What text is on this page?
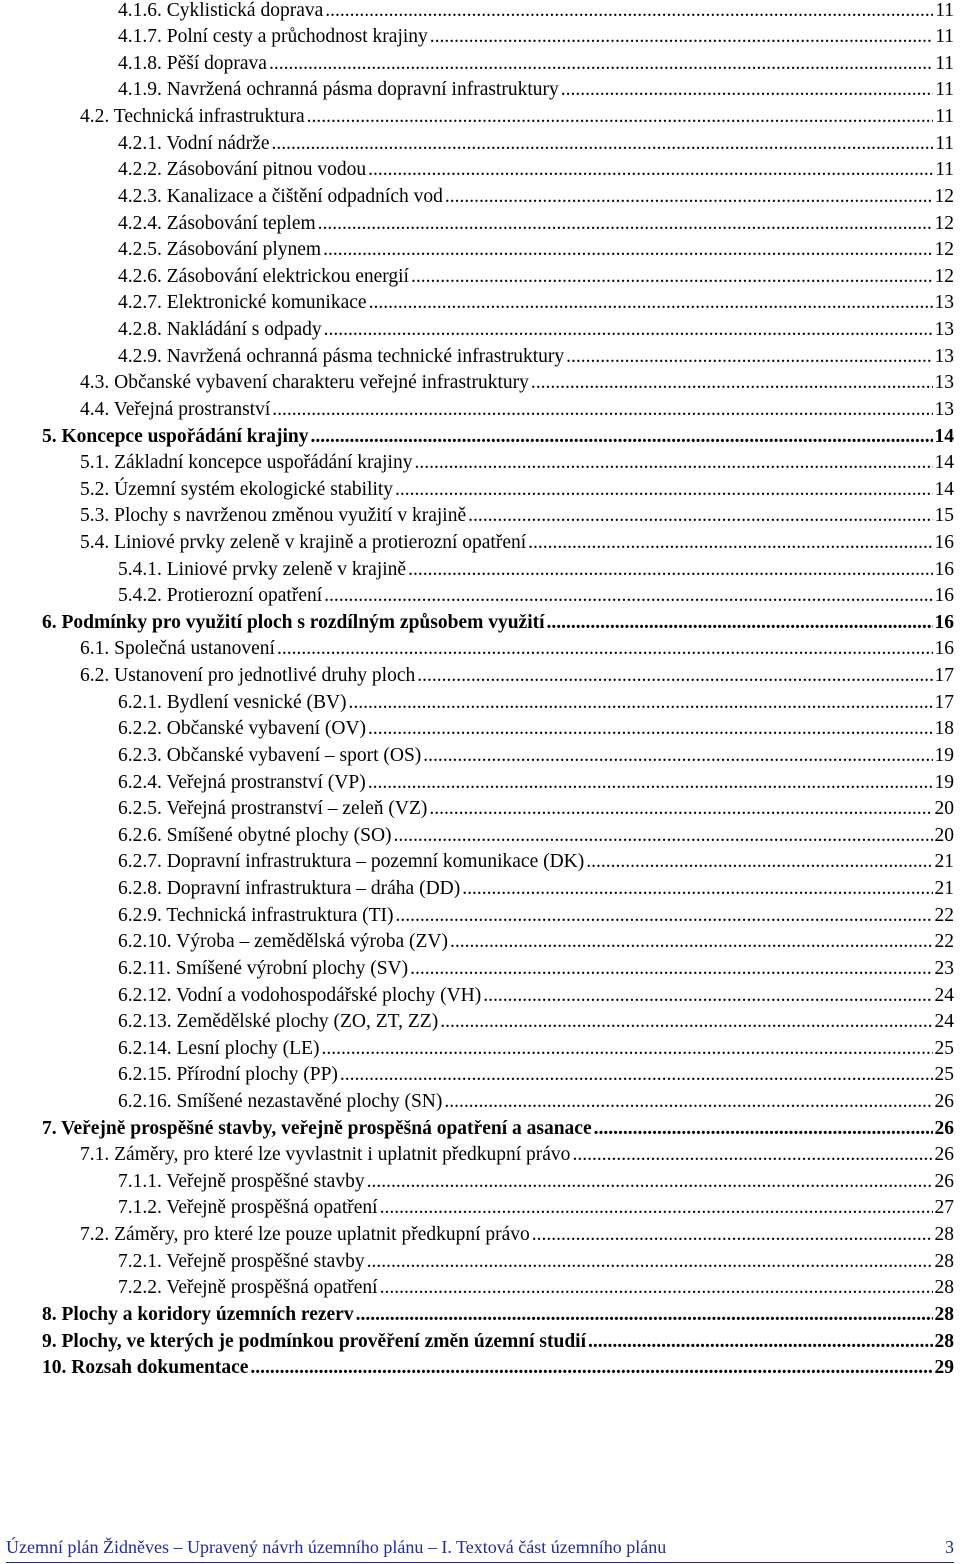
4.1.6. Cyklistická doprava .....	11
4.1.7. Polní cesty a průchodnost krajiny .....	11
4.1.8. Pěší doprava .....	11
4.1.9. Navržená ochranná pásma dopravní infrastruktury .....	11
4.2. Technická infrastruktura .....	11
4.2.1. Vodní nádrže .....	11
4.2.2. Zásobování pitnou vodou .....	11
4.2.3. Kanalizace a čištění odpadních vod .....	12
4.2.4. Zásobování teplem .....	12
4.2.5. Zásobování plynem .....	12
4.2.6. Zásobování elektrickou energií .....	12
4.2.7. Elektronické komunikace .....	13
4.2.8. Nakládání s odpady .....	13
4.2.9. Navržená ochranná pásma technické infrastruktury .....	13
4.3. Občanské vybavení charakteru veřejné infrastruktury .....	13
4.4. Veřejná prostranství .....	13
5. Koncepce uspořádání krajiny .....	14
5.1. Základní koncepce uspořádání krajiny .....	14
5.2. Územní systém ekologické stability .....	14
5.3. Plochy s navrženou změnou využití v krajině .....	15
5.4. Liniové prvky zeleně v krajině a protierozní opatření .....	16
5.4.1. Liniové prvky zeleně v krajině .....	16
5.4.2. Protierozní opatření .....	16
6. Podmínky pro využití ploch s rozdílným způsobem využití .....	16
6.1. Společná ustanovení .....	16
6.2. Ustanovení pro jednotlivé druhy ploch .....	17
6.2.1. Bydlení vesnické (BV) .....	17
6.2.2. Občanské vybavení (OV) .....	18
6.2.3. Občanské vybavení – sport (OS) .....	19
6.2.4. Veřejná prostranství (VP) .....	19
6.2.5. Veřejná prostranství – zeleň (VZ) .....	20
6.2.6. Smíšené obytné plochy (SO) .....	20
6.2.7. Dopravní infrastruktura – pozemní komunikace (DK) .....	21
6.2.8. Dopravní infrastruktura – dráha (DD) .....	21
6.2.9. Technická infrastruktura (TI) .....	22
6.2.10. Výroba – zemědělská výroba (ZV) .....	22
6.2.11. Smíšené výrobní plochy (SV) .....	23
6.2.12. Vodní a vodohospodářské plochy (VH) .....	24
6.2.13. Zemědělské plochy (ZO, ZT, ZZ) .....	24
6.2.14. Lesní plochy (LE) .....	25
6.2.15. Přírodní plochy (PP) .....	25
6.2.16. Smíšené nezastavěné plochy (SN) .....	26
7. Veřejně prospěšné stavby, veřejně prospěšná opatření a asanace .....	26
7.1. Záměry, pro které lze vyvlastnit i uplatnit předkupní právo .....	26
7.1.1. Veřejně prospěšné stavby .....	26
7.1.2. Veřejně prospěšná opatření .....	27
7.2. Záměry, pro které lze pouze uplatnit předkupní právo .....	28
7.2.1. Veřejně prospěšné stavby .....	28
7.2.2. Veřejně prospěšná opatření .....	28
8. Plochy a koridory územních rezerv .....	28
9. Plochy, ve kterých je podmínkou prověření změn územní studií .....	28
10. Rozsah dokumentace .....	29
Územní plán Židněves – Upravený návrh územního plánu – I. Textová část územního plánu	3
